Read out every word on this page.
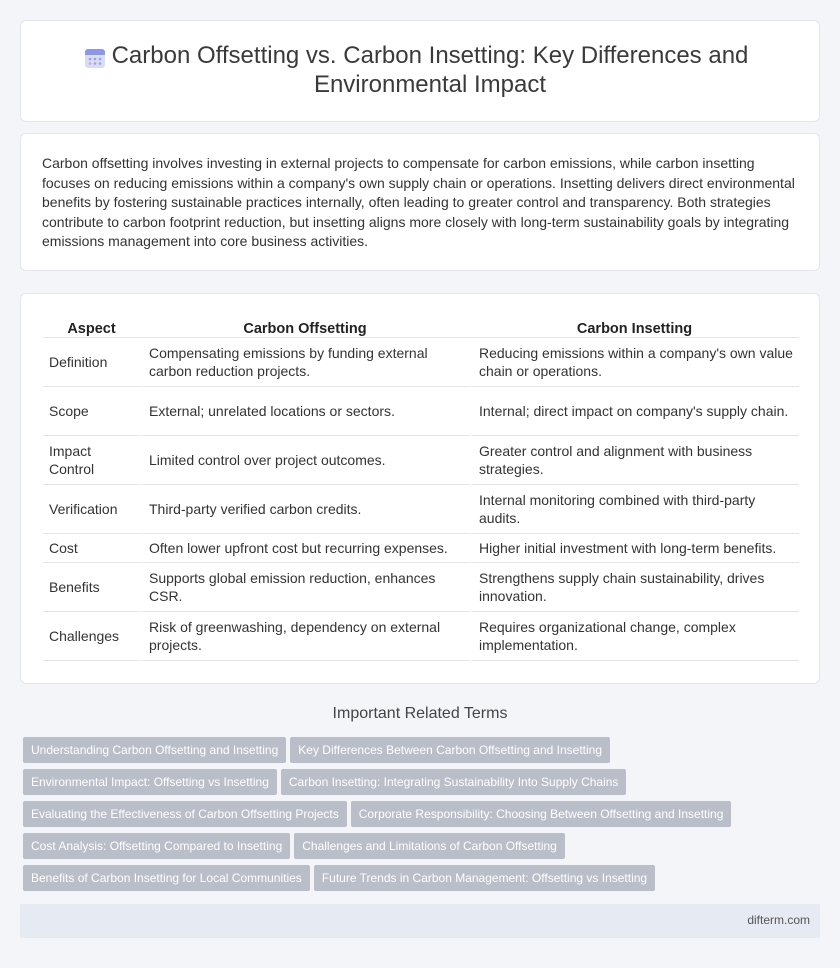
Carbon Offsetting vs. Carbon Insetting: Key Differences and Environmental Impact

Carbon offsetting involves investing in external projects to compensate for carbon emissions, while carbon insetting focuses on reducing emissions within a company's own supply chain or operations. Insetting delivers direct environmental benefits by fostering sustainable practices internally, often leading to greater control and transparency. Both strategies contribute to carbon footprint reduction, but insetting aligns more closely with long-term sustainability goals by integrating emissions management into core business activities.

Aspect	Carbon Offsetting	Carbon Insetting
Definition	Compensating emissions by funding external carbon reduction projects.	Reducing emissions within a company's own value chain or operations.
Scope	External; unrelated locations or sectors.	Internal; direct impact on company's supply chain.
Impact Control	Limited control over project outcomes.	Greater control and alignment with business strategies.
Verification	Third-party verified carbon credits.	Internal monitoring combined with third-party audits.
Cost	Often lower upfront cost but recurring expenses.	Higher initial investment with long-term benefits.
Benefits	Supports global emission reduction, enhances CSR.	Strengthens supply chain sustainability, drives innovation.
Challenges	Risk of greenwashing, dependency on external projects.	Requires organizational change, complex implementation.
Important Related Terms
Understanding Carbon Offsetting and Insetting Key Differences Between Carbon Offsetting and Insetting
Environmental Impact: Offsetting vs Insetting Carbon Insetting: Integrating Sustainability Into Supply Chains
Evaluating the Effectiveness of Carbon Offsetting Projects Corporate Responsibility: Choosing Between Offsetting and Insetting
Cost Analysis: Offsetting Compared to Insetting Challenges and Limitations of Carbon Offsetting
Benefits of Carbon Insetting for Local Communities Future Trends in Carbon Management: Offsetting vs Insetting
difterm.com
